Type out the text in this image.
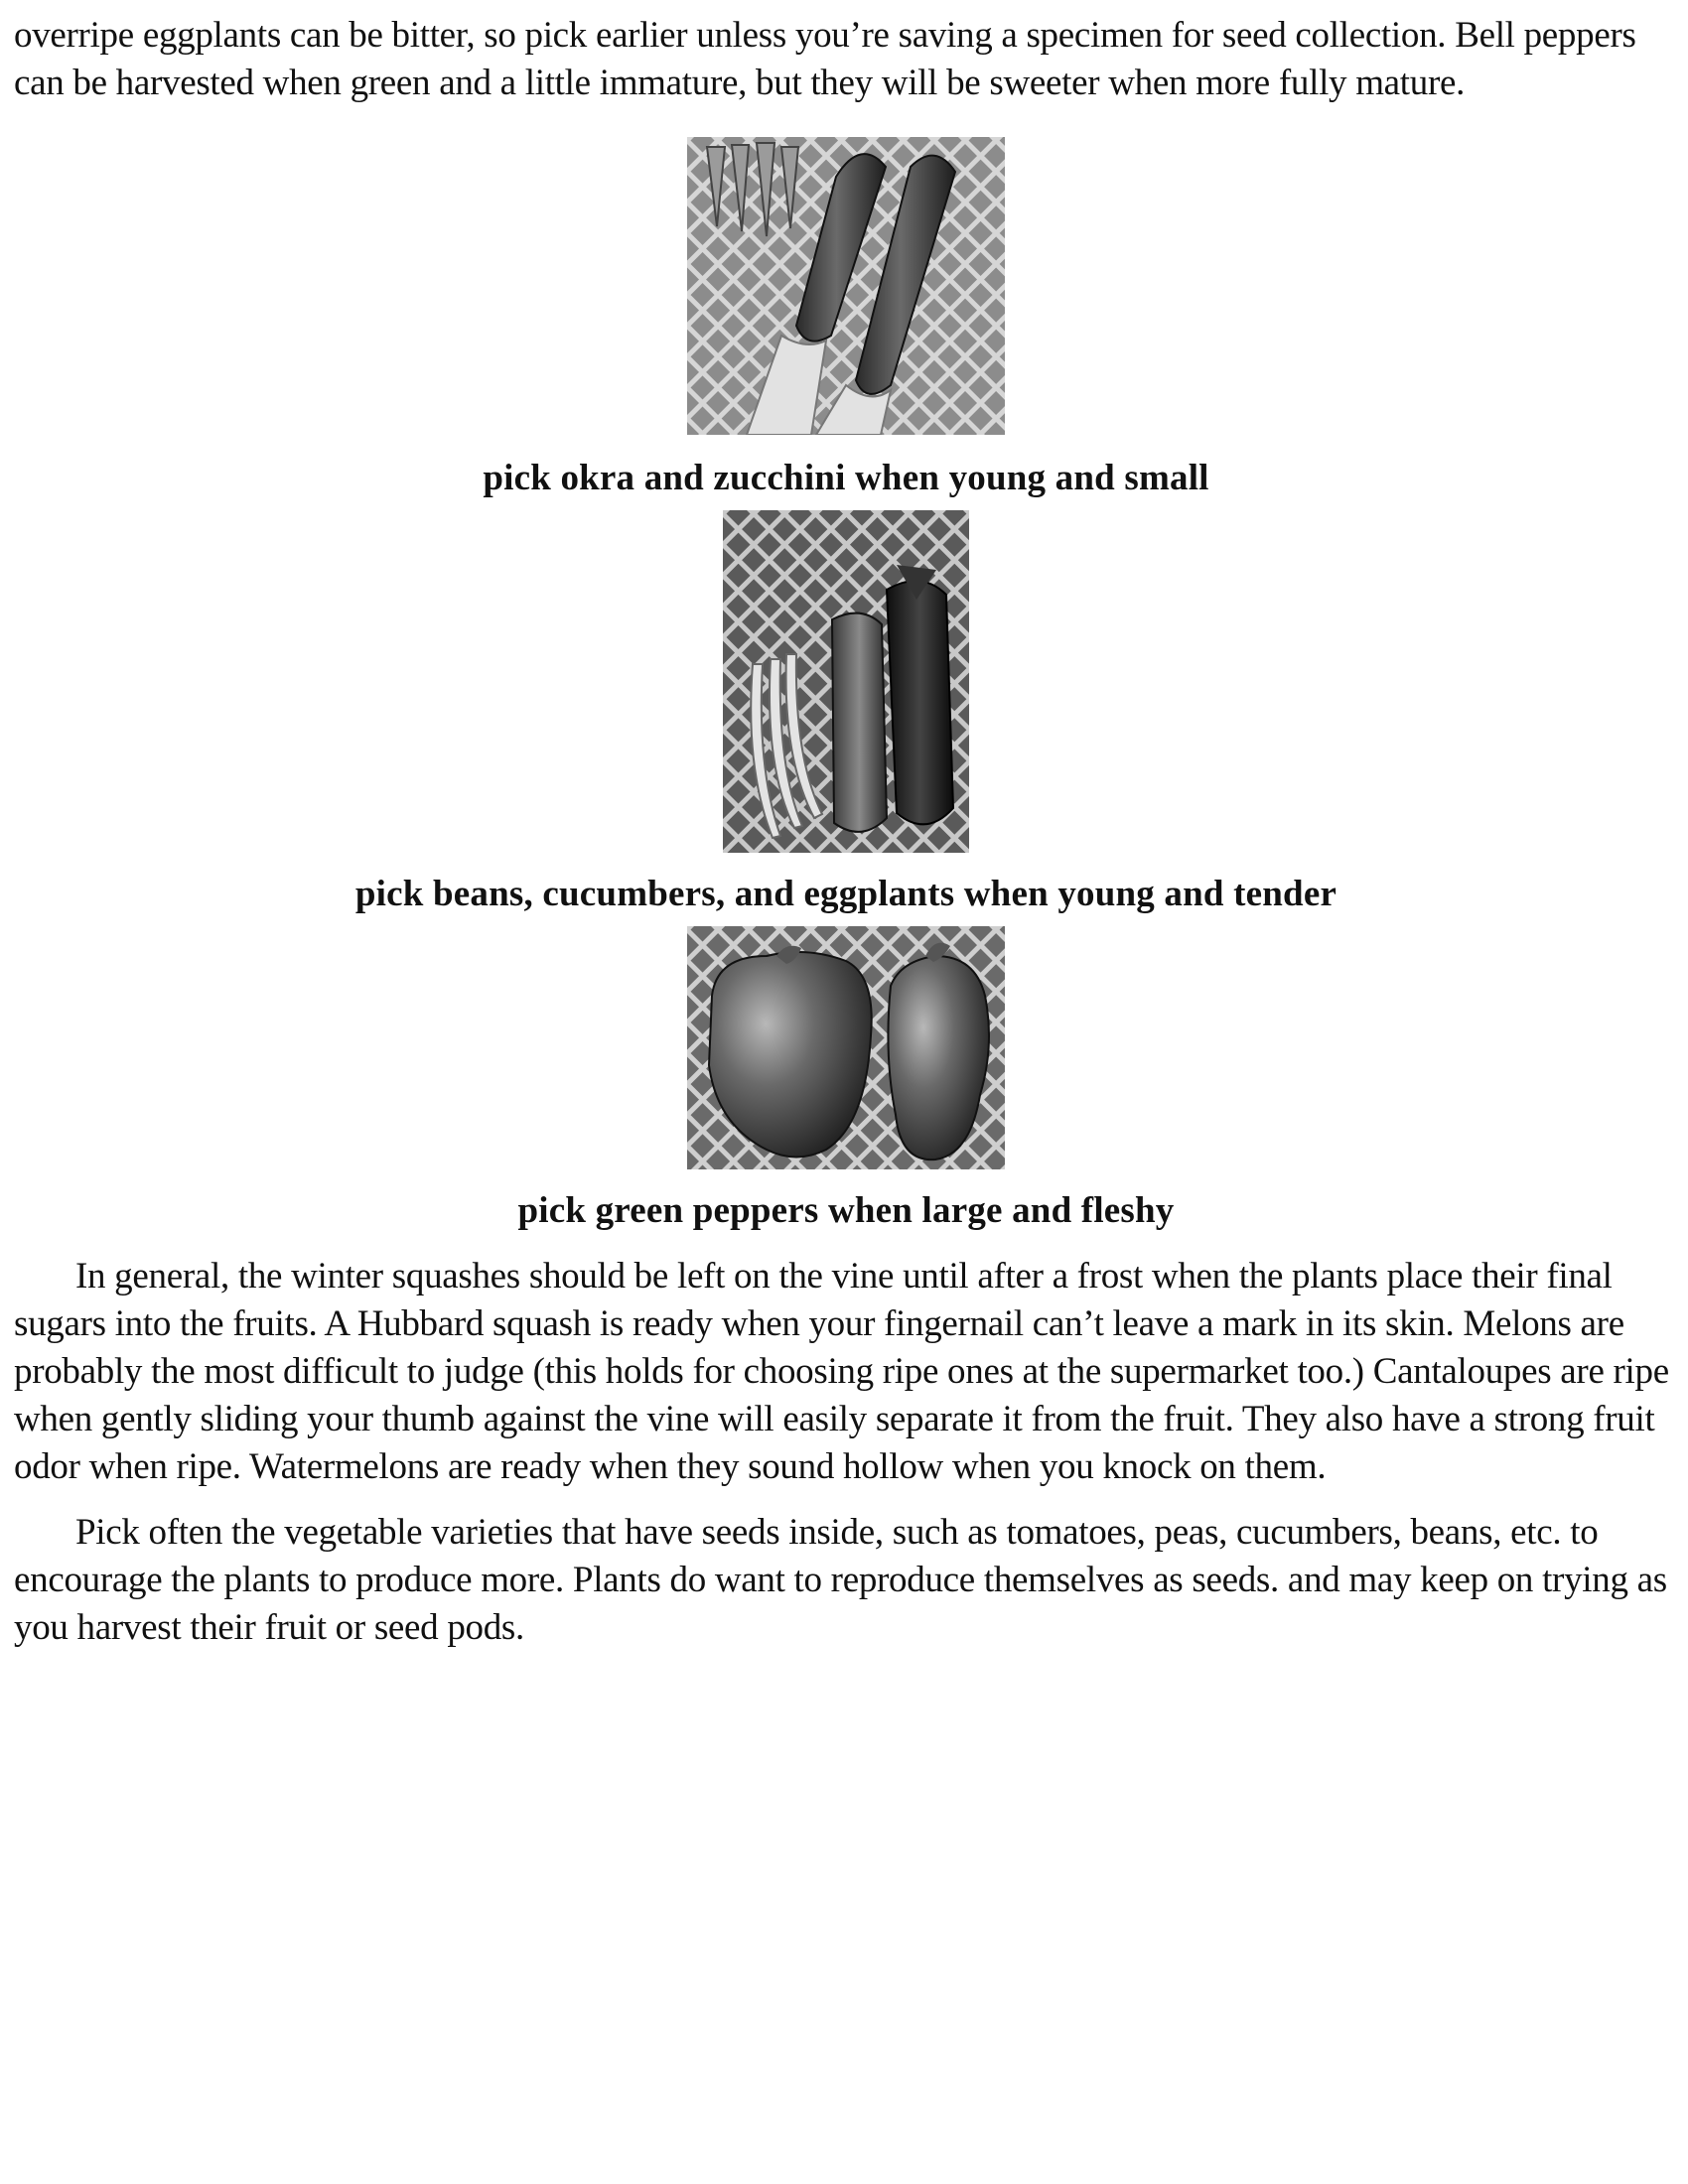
overripe eggplants can be bitter, so pick earlier unless you’re saving a specimen for seed collection. Bell peppers can be harvested when green and a little immature, but they will be sweeter when more fully mature.

pick okra and zucchini when young and small

pick beans, cucumbers, and eggplants when young and tender

pick green peppers when large and fleshy

In general, the winter squashes should be left on the vine until after a frost when the plants place their final sugars into the fruits. A Hubbard squash is ready when your fingernail can’t leave a mark in its skin. Melons are probably the most difficult to judge (this holds for choosing ripe ones at the supermarket too.) Cantaloupes are ripe when gently sliding your thumb against the vine will easily separate it from the fruit. They also have a strong fruit odor when ripe. Watermelons are ready when they sound hollow when you knock on them.

Pick often the vegetable varieties that have seeds inside, such as tomatoes, peas, cucumbers, beans, etc. to encourage the plants to produce more. Plants do want to reproduce themselves as seeds. and may keep on trying as you harvest their fruit or seed pods.
